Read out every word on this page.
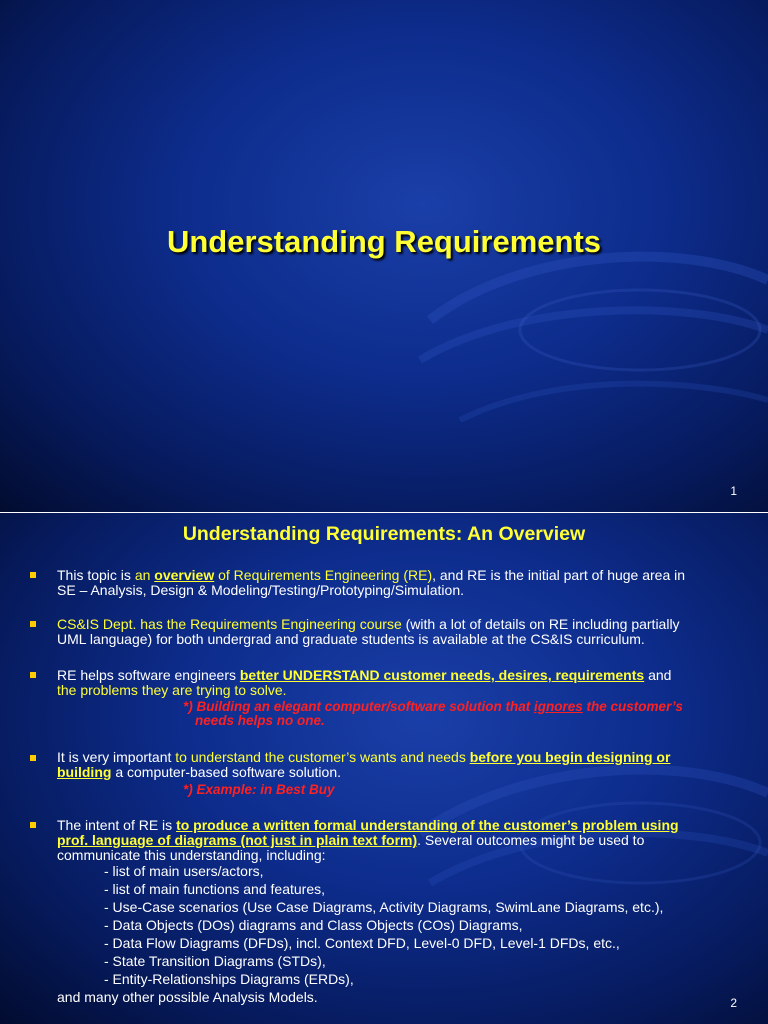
Understanding Requirements
1
Understanding Requirements: An Overview
This topic is an overview of Requirements Engineering (RE), and RE is the initial part of huge area in
SE – Analysis, Design & Modeling/Testing/Prototyping/Simulation.
CS&IS Dept. has the Requirements Engineering course (with a lot of details on RE including partially
UML language) for both undergrad and graduate students is available at the CS&IS curriculum.
RE helps software engineers better UNDERSTAND customer needs, desires, requirements and
the problems they are trying to solve.
*) Building an elegant computer/software solution that ignores the customer’s
needs helps no one.
It is very important to understand the customer’s wants and needs before you begin designing or
building a computer-based software solution.
*) Example: in Best Buy
The intent of RE is to produce a written formal understanding of the customer’s problem using
prof. language of diagrams (not just in plain text form). Several outcomes might be used to
communicate this understanding, including:
- list of main users/actors,
- list of main functions and features,
- Use-Case scenarios (Use Case Diagrams, Activity Diagrams, SwimLane Diagrams, etc.),
- Data Objects (DOs) diagrams and Class Objects (COs) Diagrams,
- Data Flow Diagrams (DFDs), incl. Context DFD, Level-0 DFD, Level-1 DFDs, etc.,
- State Transition Diagrams (STDs),
- Entity-Relationships Diagrams (ERDs),
and many other possible Analysis Models.	2
